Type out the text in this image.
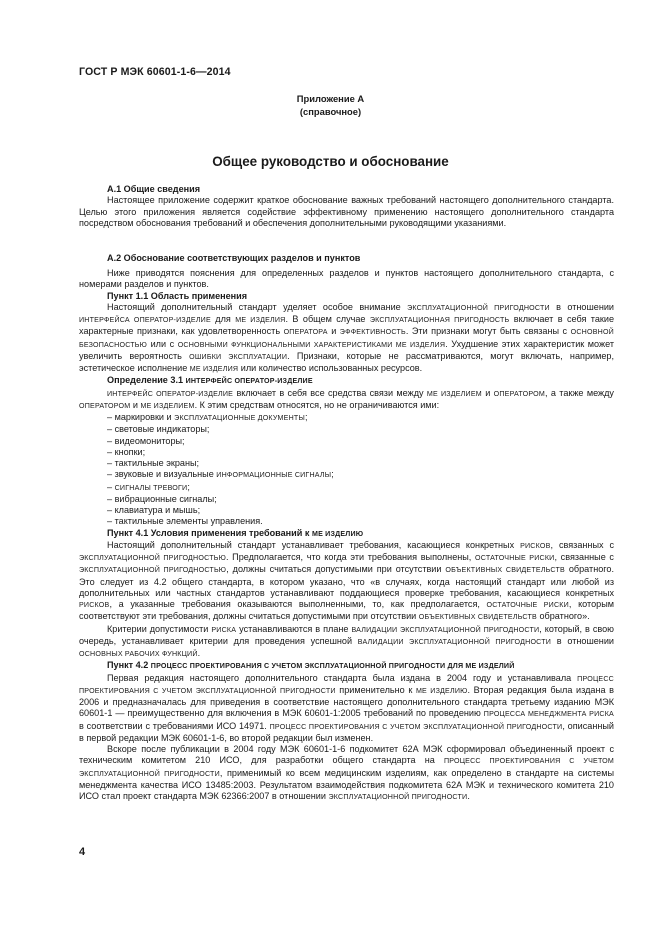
ГОСТ Р МЭК 60601-1-6—2014
Приложение А
(справочное)
Общее руководство и обоснование

А.1 Общие сведения

Настоящее приложение содержит краткое обоснование важных требований настоящего дополнительного стандарта. Целью этого приложения является содействие эффективному применению настоящего дополнительного стандарта посредством обоснования требований и обеспечения дополнительными руководящими указаниями.

А.2 Обоснование соответствующих разделов и пунктов

Ниже приводятся пояснения для определенных разделов и пунктов настоящего дополнительного стандарта, с номерами разделов и пунктов.

Пункт 1.1 Область применения

Настоящий дополнительный стандарт уделяет особое внимание ЭКСПЛУАТАЦИОННОЙ ПРИГОДНОСТИ в отношении ИНТЕРФЕЙСА ОПЕРАТОР-ИЗДЕЛИЕ для МЕ ИЗДЕЛИЯ. В общем случае ЭКСПЛУАТАЦИОННАЯ ПРИГОДНОСТЬ включает в себя такие характерные признаки, как удовлетворенность ОПЕРАТОРА и ЭФФЕКТИВНОСТЬ. Эти признаки могут быть связаны с ОСНОВНОЙ БЕЗОПАСНОСТЬЮ или с ОСНОВНЫМИ ФУНКЦИОНАЛЬНЫМИ ХАРАКТЕРИСТИКАМИ МЕ ИЗДЕЛИЯ. Ухудшение этих характеристик может увеличить вероятность ОШИБКИ ЭКСПЛУАТАЦИИ. Признаки, которые не рассматриваются, могут включать, например, эстетическое исполнение МЕ ИЗДЕЛИЯ или количество использованных ресурсов.

Определение 3.1 ИНТЕРФЕЙС ОПЕРАТОР-ИЗДЕЛИЕ

ИНТЕРФЕЙС ОПЕРАТОР-ИЗДЕЛИЕ включает в себя все средства связи между МЕ ИЗДЕЛИЕМ и ОПЕРАТОРОМ, а также между ОПЕРАТОРОМ и МЕ ИЗДЕЛИЕМ. К этим средствам относятся, но не ограничиваются ими:

– маркировки и ЭКСПЛУАТАЦИОННЫЕ ДОКУМЕНТЫ;
– световые индикаторы;
– видеомониторы;
– кнопки;
– тактильные экраны;
– звуковые и визуальные ИНФОРМАЦИОННЫЕ СИГНАЛЫ;
– СИГНАЛЫ ТРЕВОГИ;
– вибрационные сигналы;
– клавиатура и мышь;
– тактильные элементы управления.

Пункт 4.1 Условия применения требований к МЕ ИЗДЕЛИЮ

Настоящий дополнительный стандарт устанавливает требования, касающиеся конкретных РИСКОВ, связанных с ЭКСПЛУАТАЦИОННОЙ ПРИГОДНОСТЬЮ. Предполагается, что когда эти требования выполнены, ОСТАТОЧНЫЕ РИСКИ, связанные с ЭКСПЛУАТАЦИОННОЙ ПРИГОДНОСТЬЮ, должны считаться допустимыми при отсутствии ОБЪЕКТИВНЫХ СВИДЕТЕЛЬСТВ обратного. Это следует из 4.2 общего стандарта, в котором указано, что «в случаях, когда настоящий стандарт или любой из дополнительных или частных стандартов устанавливают поддающиеся проверке требования, касающиеся конкретных РИСКОВ, а указанные требования оказываются выполненными, то, как предполагается, ОСТАТОЧНЫЕ РИСКИ, которым соответствуют эти требования, должны считаться допустимыми при отсутствии ОБЪЕКТИВНЫХ СВИДЕТЕЛЬСТВ обратного».

Критерии допустимости РИСКА устанавливаются в плане ВАЛИДАЦИИ ЭКСПЛУАТАЦИОННОЙ ПРИГОДНОСТИ, который, в свою очередь, устанавливает критерии для проведения успешной ВАЛИДАЦИИ ЭКСПЛУАТАЦИОННОЙ ПРИГОДНОСТИ в отношении ОСНОВНЫХ РАБОЧИХ ФУНКЦИЙ.

Пункт 4.2 ПРОЦЕСС ПРОЕКТИРОВАНИЯ С УЧЕТОМ ЭКСПЛУАТАЦИОННОЙ ПРИГОДНОСТИ ДЛЯ МЕ ИЗДЕЛИЙ

Первая редакция настоящего дополнительного стандарта была издана в 2004 году и устанавливала ПРОЦЕСС ПРОЕКТИРОВАНИЯ С УЧЕТОМ ЭКСПЛУАТАЦИОННОЙ ПРИГОДНОСТИ применительно к МЕ ИЗДЕЛИЮ. Вторая редакция была издана в 2006 и предназначалась для приведения в соответствие настоящего дополнительного стандарта третьему изданию МЭК 60601-1 — преимущественно для включения в МЭК 60601-1:2005 требований по проведению ПРОЦЕССА МЕНЕДЖМЕНТА РИСКА в соответствии с требованиями ИСО 14971. ПРОЦЕСС ПРОЕКТИРОВАНИЯ С УЧЕТОМ ЭКСПЛУАТАЦИОННОЙ ПРИГОДНОСТИ, описанный в первой редакции МЭК 60601-1-6, во второй редакции был изменен.

Вскоре после публикации в 2004 году МЭК 60601-1-6 подкомитет 62А МЭК сформировал объединенный проект с техническим комитетом 210 ИСО, для разработки общего стандарта на ПРОЦЕСС ПРОЕКТИРОВАНИЯ С УЧЕТОМ ЭКСПЛУАТАЦИОННОЙ ПРИГОДНОСТИ, применимый ко всем медицинским изделиям, как определено в стандарте на системы менеджмента качества ИСО 13485:2003. Результатом взаимодействия подкомитета 62А МЭК и технического комитета 210 ИСО стал проект стандарта МЭК 62366:2007 в отношении ЭКСПЛУАТАЦИОННОЙ ПРИГОДНОСТИ.

4
